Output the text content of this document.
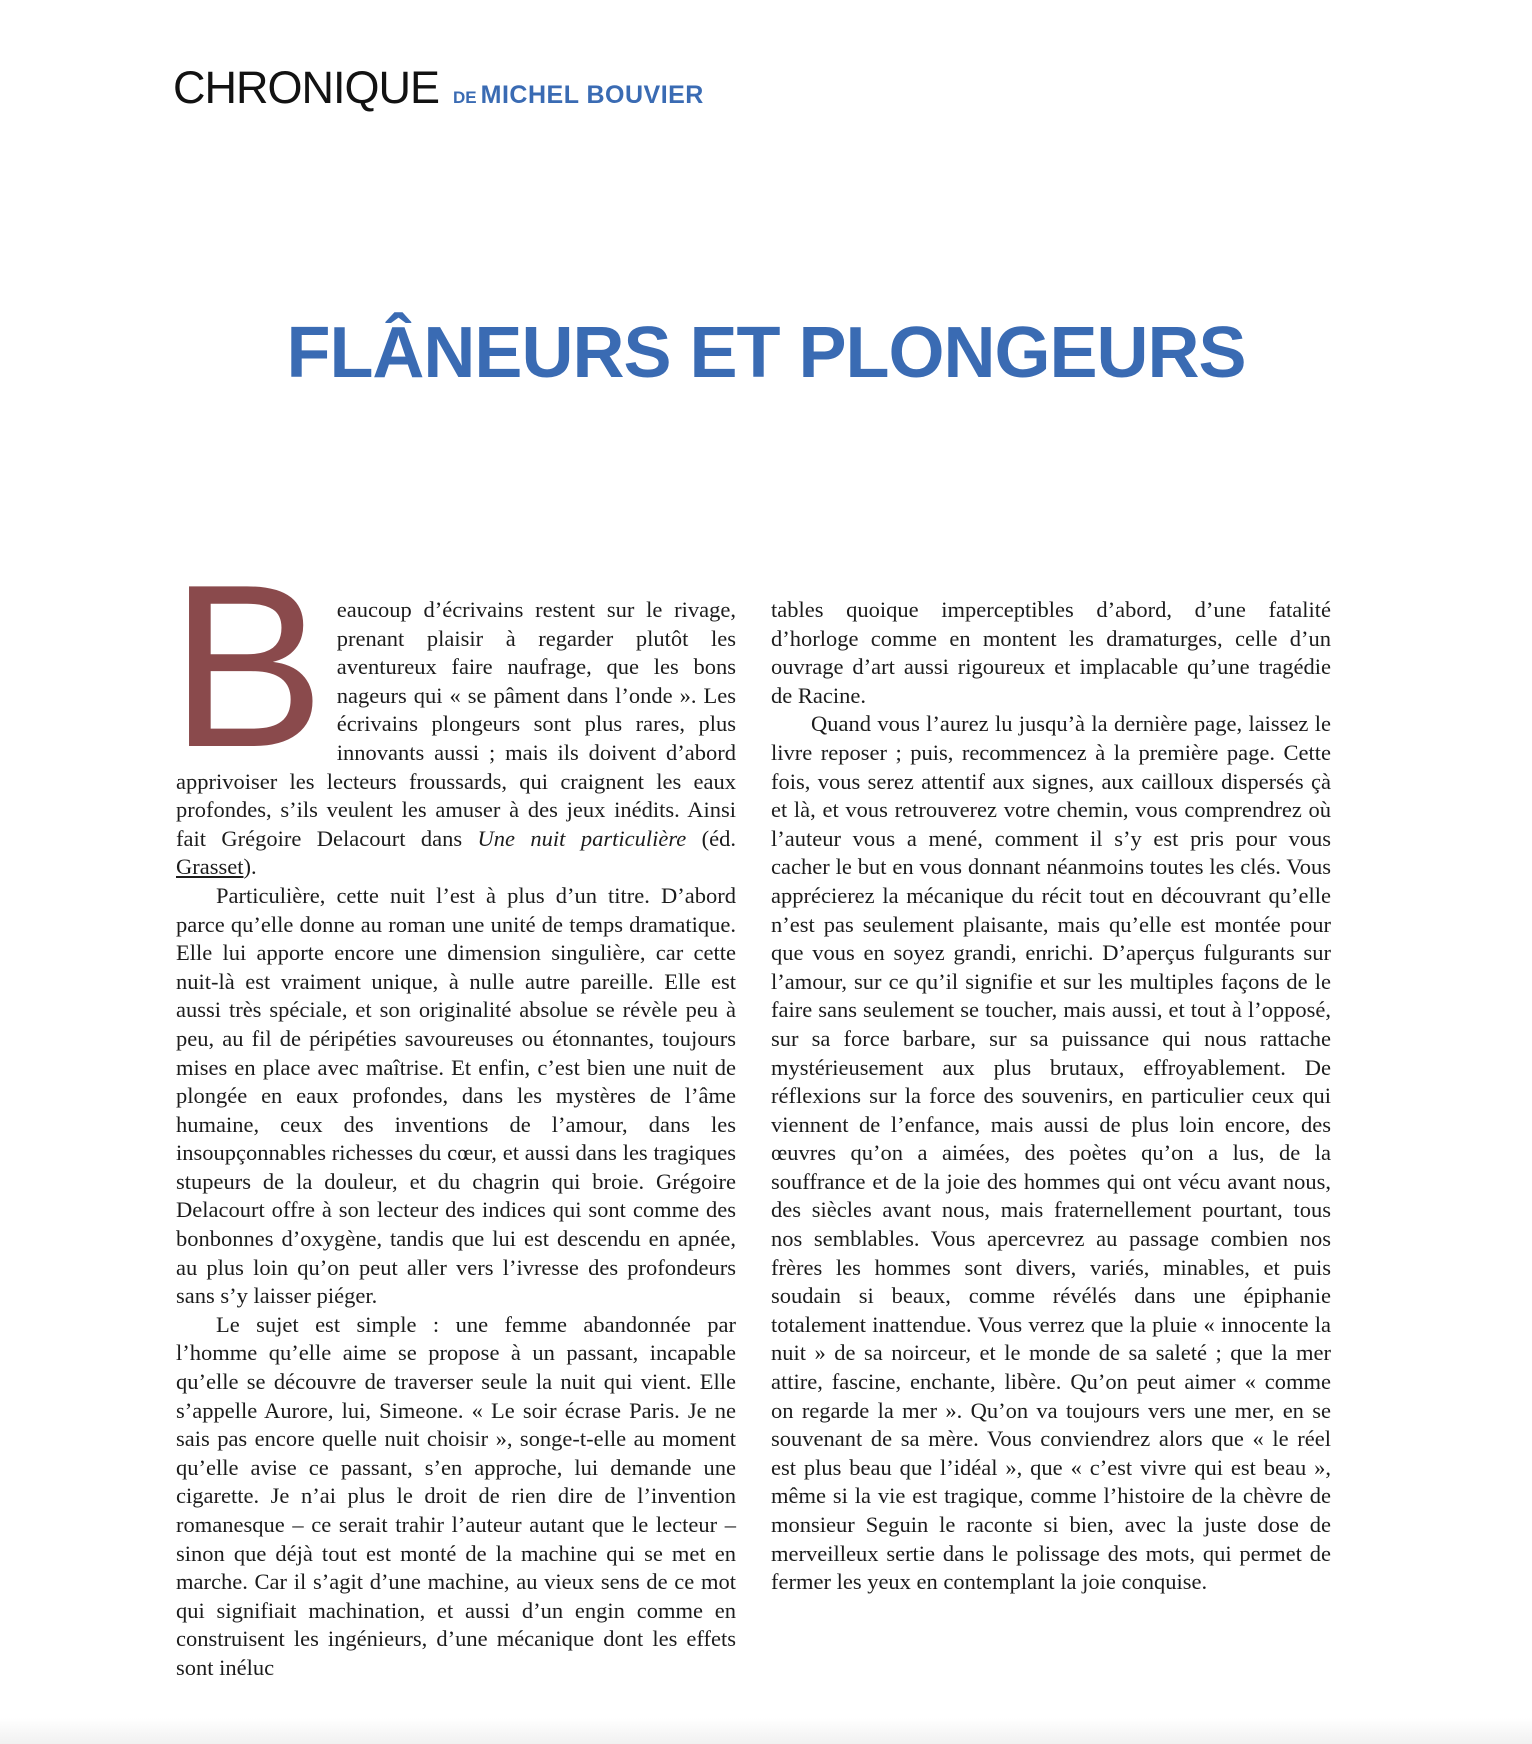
CHRONIQUE DE MICHEL BOUVIER
FLÂNEURS ET PLONGEURS

Beaucoup d’écrivains restent sur le rivage, prenant plaisir à regarder plutôt les aventureux faire naufrage, que les bons nageurs qui « se pâment dans l’onde ». Les écrivains plongeurs sont plus rares, plus innovants aussi ; mais ils doivent d’abord apprivoiser les lecteurs froussards, qui craignent les eaux profondes, s’ils veulent les amuser à des jeux inédits. Ainsi fait Grégoire Delacourt dans Une nuit particulière (éd. Grasset).

Particulière, cette nuit l’est à plus d’un titre. D’abord parce qu’elle donne au roman une unité de temps dramatique. Elle lui apporte encore une dimension singulière, car cette nuit-là est vraiment unique, à nulle autre pareille. Elle est aussi très spéciale, et son originalité absolue se révèle peu à peu, au fil de péripéties savoureuses ou étonnantes, toujours mises en place avec maîtrise. Et enfin, c’est bien une nuit de plongée en eaux profondes, dans les mystères de l’âme humaine, ceux des inventions de l’amour, dans les insoupçonnables richesses du cœur, et aussi dans les tragiques stupeurs de la douleur, et du chagrin qui broie. Grégoire Delacourt offre à son lecteur des indices qui sont comme des bonbonnes d’oxygène, tandis que lui est descendu en apnée, au plus loin qu’on peut aller vers l’ivresse des profondeurs sans s’y laisser piéger.

Le sujet est simple : une femme abandonnée par l’homme qu’elle aime se propose à un passant, incapable qu’elle se découvre de traverser seule la nuit qui vient. Elle s’appelle Aurore, lui, Simeone. « Le soir écrase Paris. Je ne sais pas encore quelle nuit choisir », songe-t-elle au moment qu’elle avise ce passant, s’en approche, lui demande une cigarette. Je n’ai plus le droit de rien dire de l’invention romanesque – ce serait trahir l’auteur autant que le lecteur – sinon que déjà tout est monté de la machine qui se met en marche. Car il s’agit d’une machine, au vieux sens de ce mot qui signifiait machination, et aussi d’un engin comme en construisent les ingénieurs, d’une mécanique dont les effets sont inéluc

tables quoique imperceptibles d’abord, d’une fatalité d’horloge comme en montent les dramaturges, celle d’un ouvrage d’art aussi rigoureux et implacable qu’une tragédie de Racine.

Quand vous l’aurez lu jusqu’à la dernière page, laissez le livre reposer ; puis, recommencez à la première page. Cette fois, vous serez attentif aux signes, aux cailloux dispersés çà et là, et vous retrouverez votre chemin, vous comprendrez où l’auteur vous a mené, comment il s’y est pris pour vous cacher le but en vous donnant néanmoins toutes les clés. Vous apprécierez la mécanique du récit tout en découvrant qu’elle n’est pas seulement plaisante, mais qu’elle est montée pour que vous en soyez grandi, enrichi. D’aperçus fulgurants sur l’amour, sur ce qu’il signifie et sur les multiples façons de le faire sans seulement se toucher, mais aussi, et tout à l’opposé, sur sa force barbare, sur sa puissance qui nous rattache mystérieusement aux plus brutaux, effroyablement. De réflexions sur la force des souvenirs, en particulier ceux qui viennent de l’enfance, mais aussi de plus loin encore, des œuvres qu’on a aimées, des poètes qu’on a lus, de la souffrance et de la joie des hommes qui ont vécu avant nous, des siècles avant nous, mais fraternellement pourtant, tous nos semblables. Vous apercevrez au passage combien nos frères les hommes sont divers, variés, minables, et puis soudain si beaux, comme révélés dans une épiphanie totalement inattendue. Vous verrez que la pluie « innocente la nuit » de sa noirceur, et le monde de sa saleté ; que la mer attire, fascine, enchante, libère. Qu’on peut aimer « comme on regarde la mer ». Qu’on va toujours vers une mer, en se souvenant de sa mère. Vous conviendrez alors que « le réel est plus beau que l’idéal », que « c’est vivre qui est beau », même si la vie est tragique, comme l’histoire de la chèvre de monsieur Seguin le raconte si bien, avec la juste dose de merveilleux sertie dans le polissage des mots, qui permet de fermer les yeux en contemplant la joie conquise.
